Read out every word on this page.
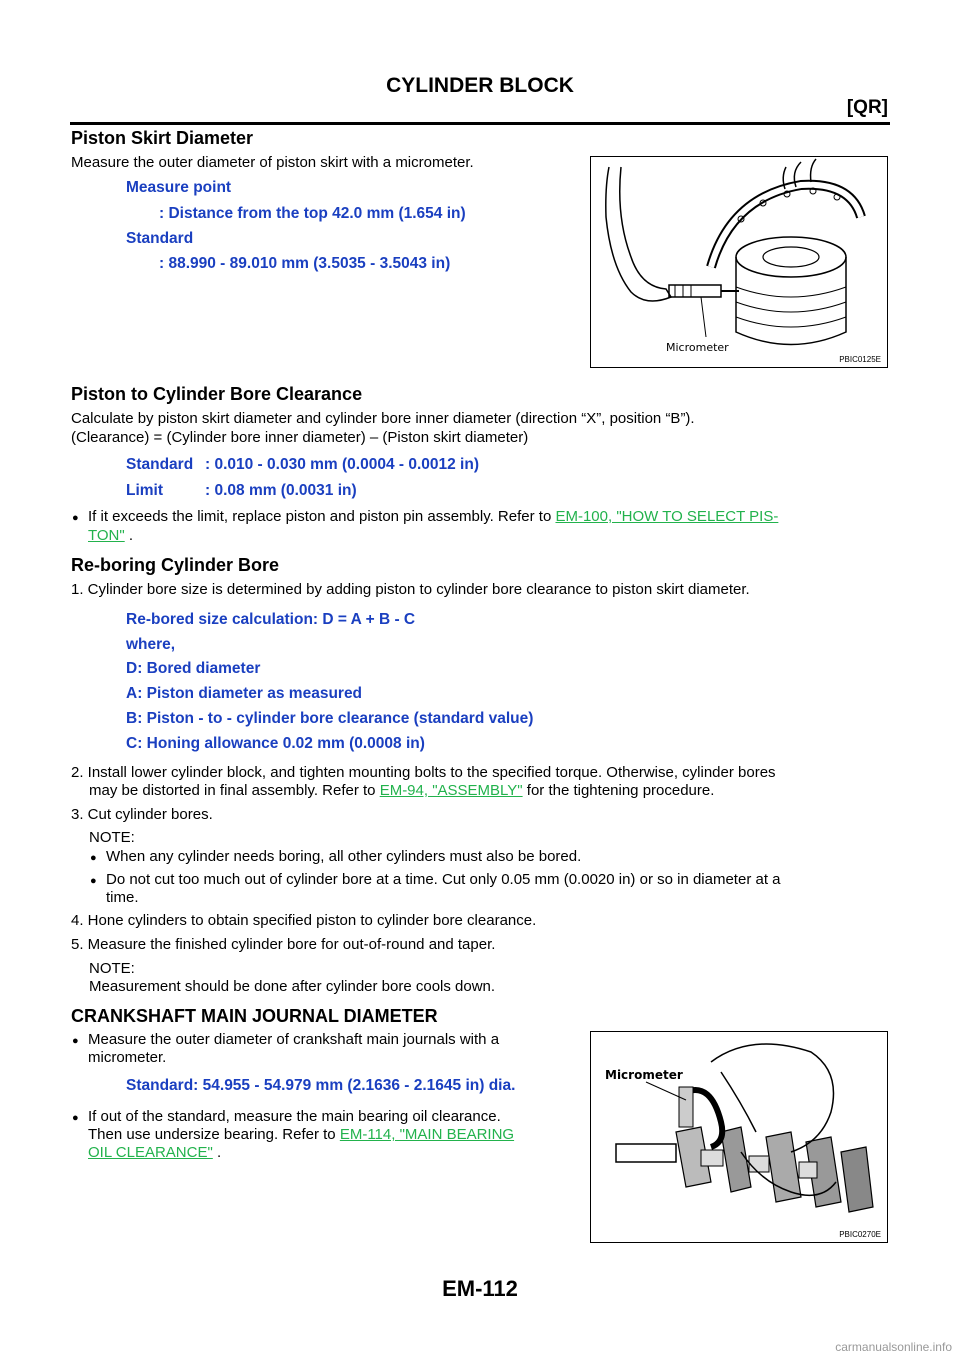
CYLINDER BLOCK
[QR]
Piston Skirt Diameter
Measure the outer diameter of piston skirt with a micrometer.
Measure point
: Distance from the top 42.0 mm (1.654 in)
Standard
: 88.990 - 89.010 mm (3.5035 - 3.5043 in)
Micrometer
PBIC0125E
Piston to Cylinder Bore Clearance
Calculate by piston skirt diameter and cylinder bore inner diameter (direction “X”, position “B”).
(Clearance) = (Cylinder bore inner diameter) – (Piston skirt diameter)
Standard : 0.010 - 0.030 mm (0.0004 - 0.0012 in)
Limit	: 0.08 mm (0.0031 in)
● If it exceeds the limit, replace piston and piston pin assembly. Refer to EM-100, "HOW TO SELECT PIS-
TON" .
Re-boring Cylinder Bore
1. Cylinder bore size is determined by adding piston to cylinder bore clearance to piston skirt diameter.
Re-bored size calculation: D = A + B - C
where,
D: Bored diameter
A: Piston diameter as measured
B: Piston - to - cylinder bore clearance (standard value)
C: Honing allowance 0.02 mm (0.0008 in)
2. Install lower cylinder block, and tighten mounting bolts to the specified torque. Otherwise, cylinder bores
may be distorted in final assembly. Refer to EM-94, "ASSEMBLY" for the tightening procedure.
3. Cut cylinder bores.
NOTE:
● When any cylinder needs boring, all other cylinders must also be bored.
● Do not cut too much out of cylinder bore at a time. Cut only 0.05 mm (0.0020 in) or so in diameter at a
time.
4. Hone cylinders to obtain specified piston to cylinder bore clearance.
5. Measure the finished cylinder bore for out-of-round and taper.
NOTE:
Measurement should be done after cylinder bore cools down.
CRANKSHAFT MAIN JOURNAL DIAMETER
● Measure the outer diameter of crankshaft main journals with a
micrometer.
Standard: 54.955 - 54.979 mm (2.1636 - 2.1645 in) dia.
● If out of the standard, measure the main bearing oil clearance.
Then use undersize bearing. Refer to EM-114, "MAIN BEARING
OIL CLEARANCE" .
Micrometer
PBIC0270E
EM-112
carmanualsonline.info
